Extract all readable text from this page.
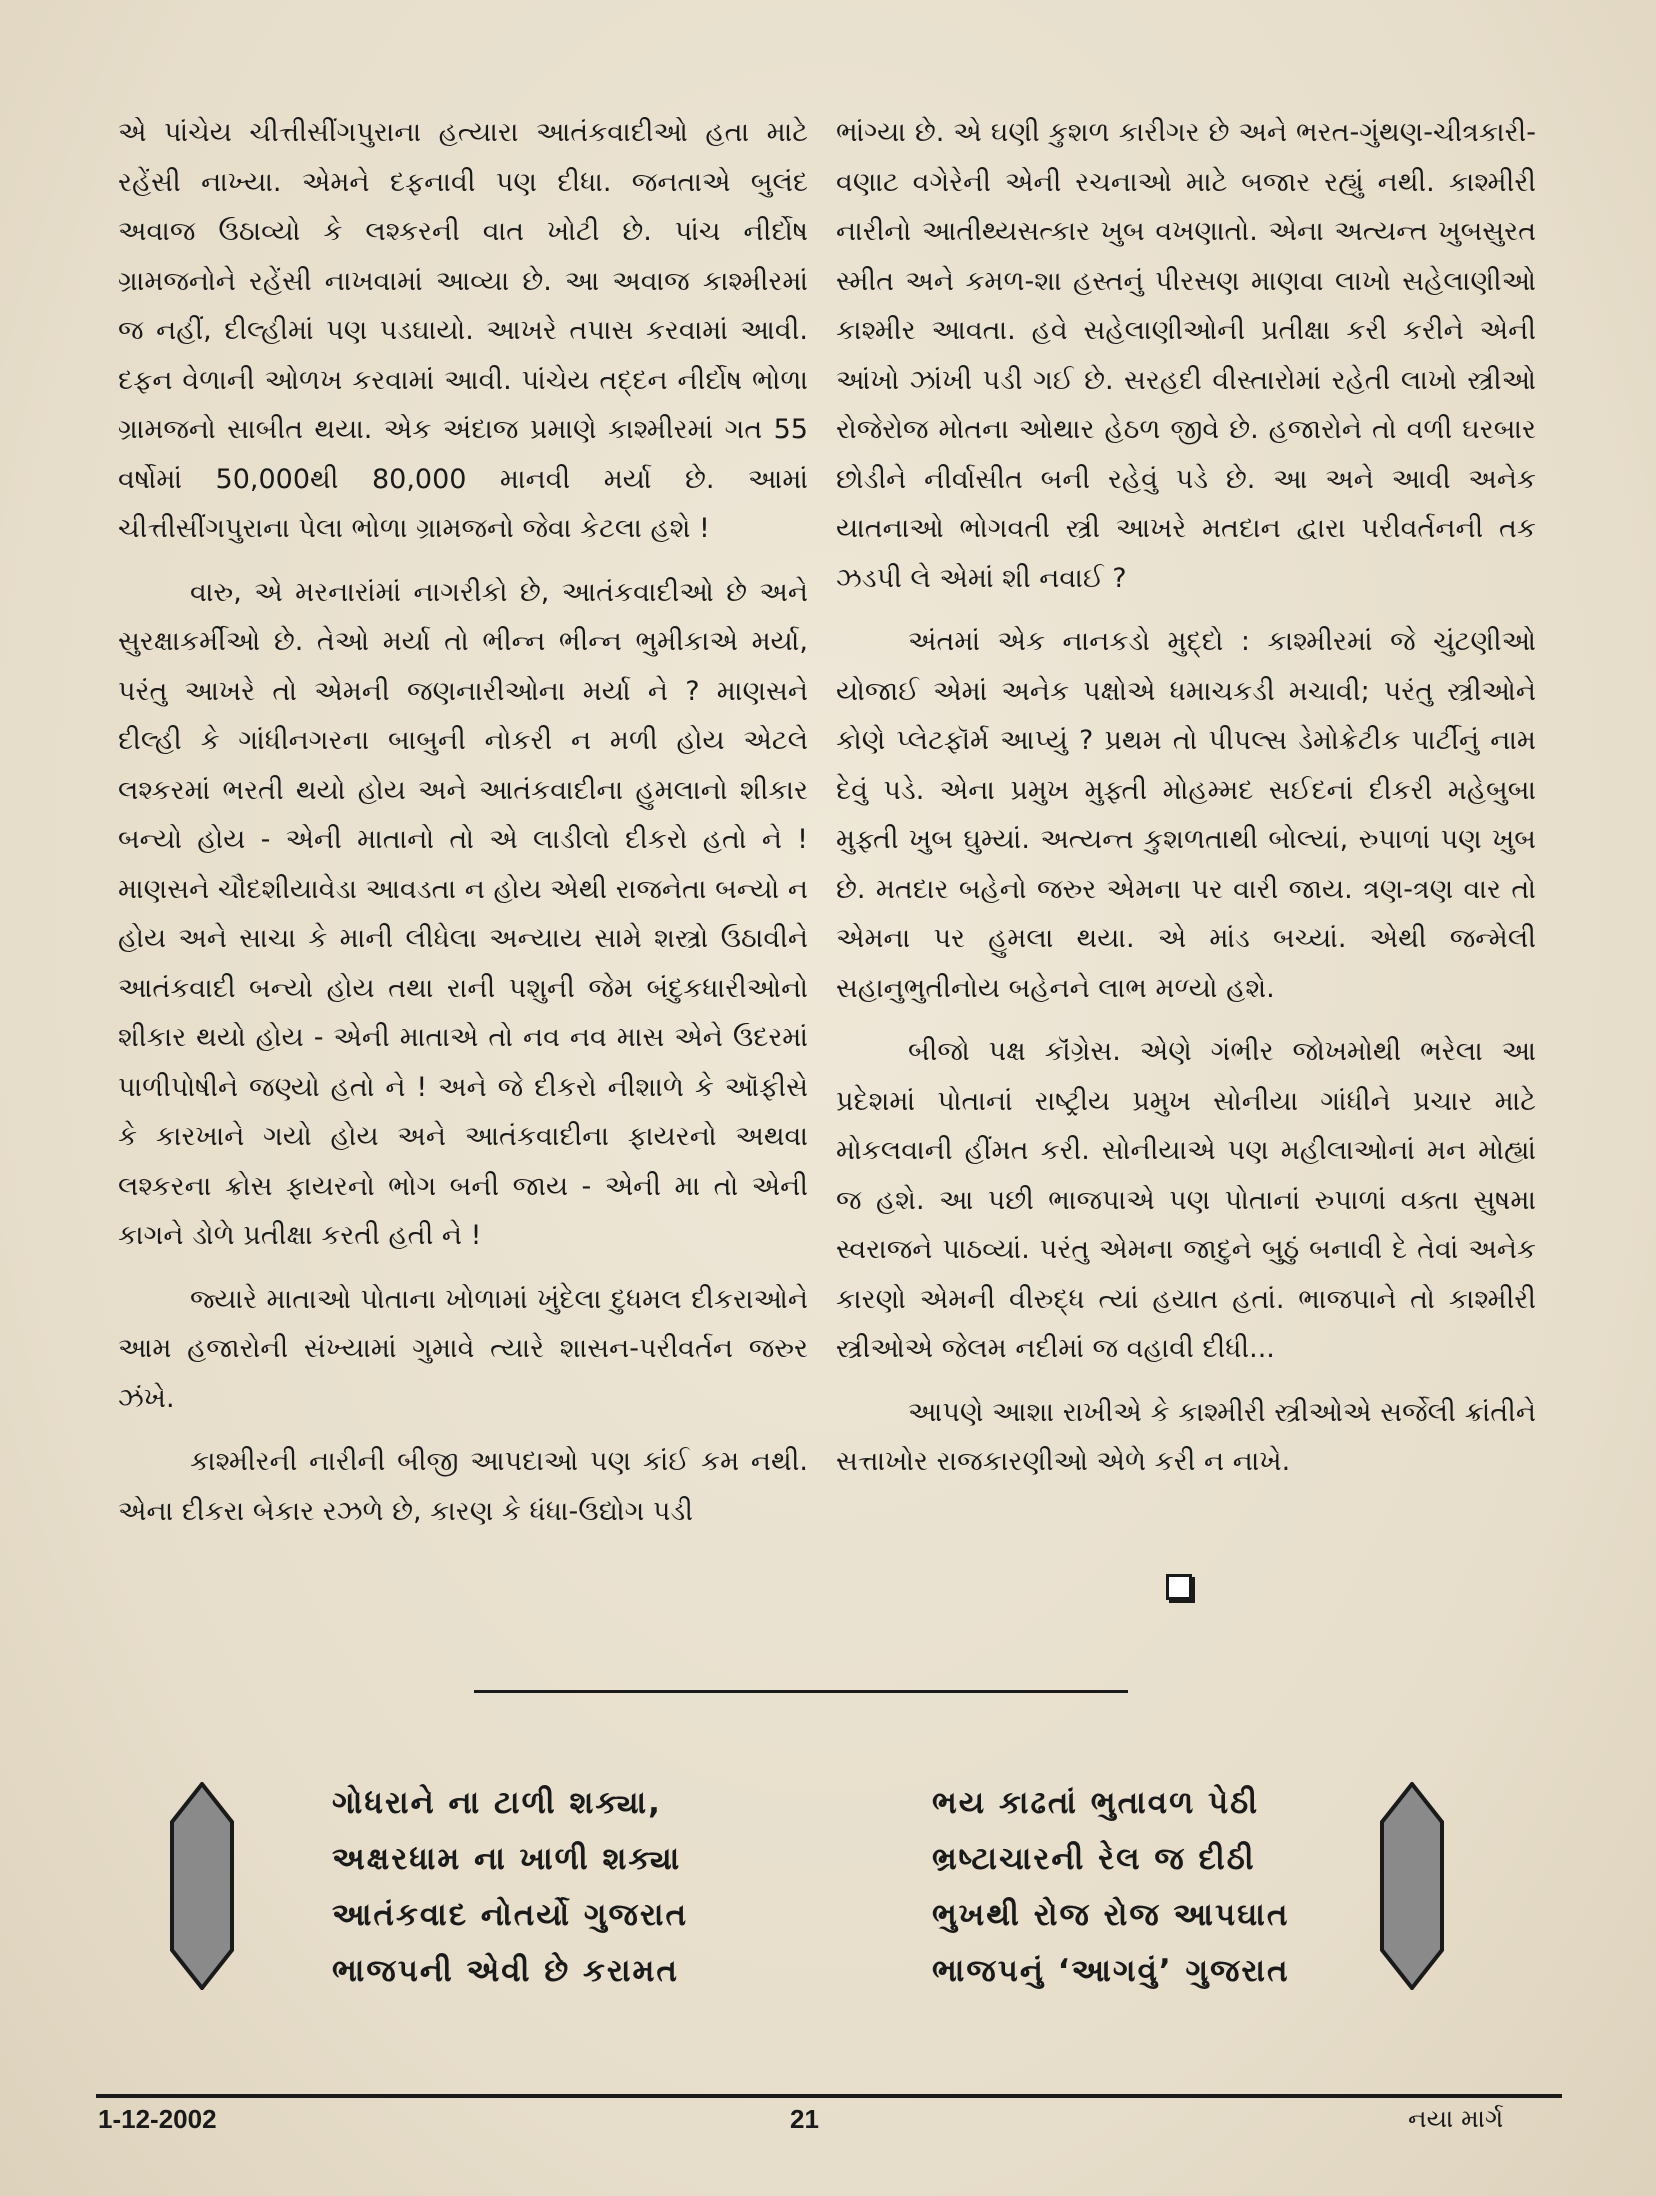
એ પાંચેય ચીત્તીસીંગપુરાના હત્યારા આતંકવાદીઓ હતા માટે રહેંસી નાખ્યા. એમને દફનાવી પણ દીધા. જનતાએ બુલંદ અવાજ ઉઠાવ્યો કે લશ્કરની વાત ખોટી છે. પાંચ નીર્દોષ ગ્રામજનોને રહેંસી નાખવામાં આવ્યા છે. આ અવાજ કાશ્મીરમાં જ નહીં, દીલ્હીમાં પણ પડઘાયો. આખરે તપાસ કરવામાં આવી. દફન વેળાની ઓળખ કરવામાં આવી. પાંચેય તદ્દન નીર્દોષ ભોળા ગ્રામજનો સાબીત થયા. એક અંદાજ પ્રમાણે કાશ્મીરમાં ગત 55 વર્ષોમાં 50,000થી 80,000 માનવી મર્યા છે. આમાં ચીત્તીસીંગપુરાના પેલા ભોળા ગ્રામજનો જેવા કેટલા હશે !

વારુ, એ મરનારાંમાં નાગરીકો છે, આતંકવાદીઓ છે અને સુરક્ષાકર્મીઓ છે. તેઓ મર્યા તો ભીન્ન ભીન્ન ભુમીકાએ મર્યા, પરંતુ આખરે તો એમની જણનારીઓના મર્યા ને ? માણસને દીલ્હી કે ગાંધીનગરના બાબુની નોકરી ન મળી હોય એટલે લશ્કરમાં ભરતી થયો હોય અને આતંકવાદીના હુમલાનો શીકાર બન્યો હોય - એની માતાનો તો એ લાડીલો દીકરો હતો ને ! માણસને ચૌદશીયાવેડા આવડતા ન હોય એથી રાજનેતા બન્યો ન હોય અને સાચા કે માની લીધેલા અન્યાય સામે શસ્ત્રો ઉઠાવીને આતંકવાદી બન્યો હોય તથા રાની પશુની જેમ બંદુકધારીઓનો શીકાર થયો હોય - એની માતાએ તો નવ નવ માસ એને ઉદરમાં પાળીપોષીને જણ્યો હતો ને ! અને જે દીકરો નીશાળે કે ઑફીસે કે કારખાને ગયો હોય અને આતંકવાદીના ફાયરનો અથવા લશ્કરના ક્રોસ ફાયરનો ભોગ બની જાય - એની મા તો એની કાગને ડોળે પ્રતીક્ષા કરતી હતી ને !

જ્યારે માતાઓ પોતાના ખોળામાં ખુંદેલા દુધમલ દીકરાઓને આમ હજારોની સંખ્યામાં ગુમાવે ત્યારે શાસન-પરીવર્તન જરુર ઝંખે.

કાશ્મીરની નારીની બીજી આપદાઓ પણ કાંઈ કમ નથી. એના દીકરા બેકાર રઝળે છે, કારણ કે ધંધા-ઉદ્યોગ પડી

ભાંગ્યા છે. એ ઘણી કુશળ કારીગર છે અને ભરત-ગુંથણ-ચીત્રકારી-વણાટ વગેરેની એની રચનાઓ માટે બજાર રહ્યું નથી. કાશ્મીરી નારીનો આતીથ્યસત્કાર ખુબ વખણાતો. એના અત્યન્ત ખુબસુરત સ્મીત અને કમળ-શા હસ્તનું પીરસણ માણવા લાખો સહેલાણીઓ કાશ્મીર આવતા. હવે સહેલાણીઓની પ્રતીક્ષા કરી કરીને એની આંખો ઝાંખી પડી ગઈ છે. સરહદી વીસ્તારોમાં રહેતી લાખો સ્ત્રીઓ રોજેરોજ મોતના ઓથાર હેઠળ જીવે છે. હજારોને તો વળી ઘરબાર છોડીને નીર્વાસીત બની રહેવું પડે છે. આ અને આવી અનેક યાતનાઓ ભોગવતી સ્ત્રી આખરે મતદાન દ્વારા પરીવર્તનની તક ઝડપી લે એમાં શી નવાઈ ?

અંતમાં એક નાનકડો મુદ્દો : કાશ્મીરમાં જે ચુંટણીઓ યોજાઈ એમાં અનેક પક્ષોએ ધમાચકડી મચાવી; પરંતુ સ્ત્રીઓને કોણે પ્લેટફૉર્મ આપ્યું ? પ્રથમ તો પીપલ્સ ડેમોક્રેટીક પાર્ટીનું નામ દેવું પડે. એના પ્રમુખ મુફ્તી મોહમ્મદ સઈદનાં દીકરી મહેબુબા મુફ્તી ખુબ ઘુમ્યાં. અત્યન્ત કુશળતાથી બોલ્યાં, રુપાળાં પણ ખુબ છે. મતદાર બહેનો જરુર એમના પર વારી જાય. ત્રણ-ત્રણ વાર તો એમના પર હુમલા થયા. એ માંડ બચ્યાં. એથી જન્મેલી સહાનુભુતીનોય બહેનને લાભ મળ્યો હશે.

બીજો પક્ષ કૉંગ્રેસ. એણે ગંભીર જોખમોથી ભરેલા આ પ્રદેશમાં પોતાનાં રાષ્ટ્રીય પ્રમુખ સોનીયા ગાંધીને પ્રચાર માટે મોકલવાની હીંમત કરી. સોનીયાએ પણ મહીલાઓનાં મન મોહ્યાં જ હશે. આ પછી ભાજપાએ પણ પોતાનાં રુપાળાં વક્તા સુષમા સ્વરાજને પાઠવ્યાં. પરંતુ એમના જાદુને બુઠું બનાવી દે તેવાં અનેક કારણો એમની વીરુદ્ધ ત્યાં હયાત હતાં. ભાજપાને તો કાશ્મીરી સ્ત્રીઓએ જેલમ નદીમાં જ વહાવી દીધી...

આપણે આશા રાખીએ કે કાશ્મીરી સ્ત્રીઓએ સર્જેલી ક્રાંતીને સત્તાખોર રાજકારણીઓ એળે કરી ન નાખે.

ગોધરાને ના ટાળી શક્યા,
અક્ષરધામ ના ખાળી શક્યા
આતંકવાદ નોતર્યો ગુજરાત
ભાજપની એવી છે કરામત
ભય કાઢતાં ભુતાવળ પેઠી
ભ્રષ્ટાચારની રેલ જ દીઠી
ભુખથી રોજ રોજ આપઘાત
ભાજપનું ‘આગવું’ ગુજરાત
1-12-2002	21	નયા માર્ગ
